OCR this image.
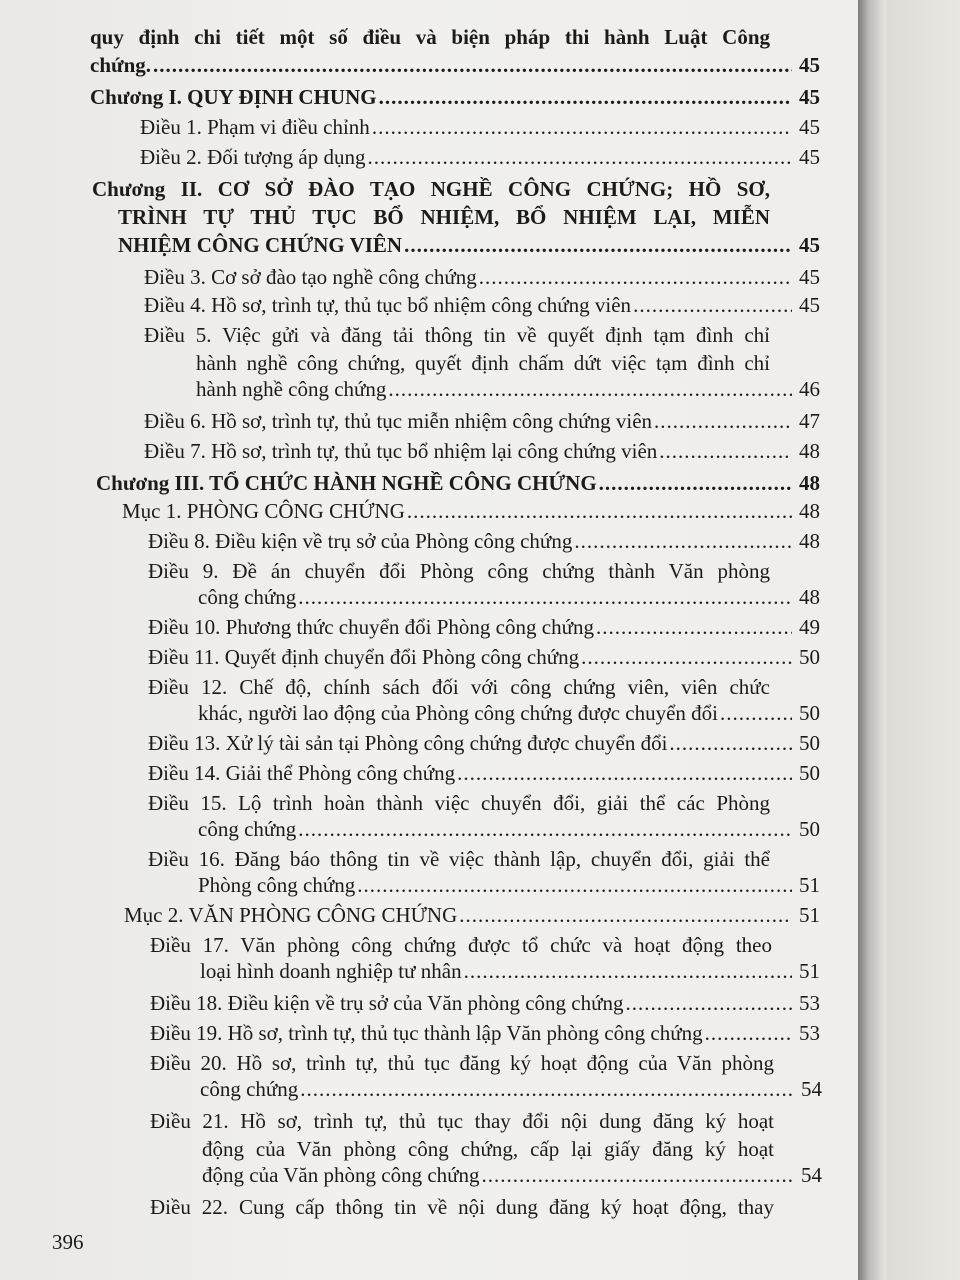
quy định chi tiết một số điều và biện pháp thi hành Luật Công
chứng. .....	45
Chương I. QUY ĐỊNH CHUNG .....	45
Điều 1. Phạm vi điều chỉnh .....	45
Điều 2. Đối tượng áp dụng .....	45
Chương II. CƠ SỞ ĐÀO TẠO NGHỀ CÔNG CHỨNG; HỒ SƠ,
TRÌNH TỰ THỦ TỤC BỔ NHIỆM, BỔ NHIỆM LẠI, MIỄN
NHIỆM CÔNG CHỨNG VIÊN .....	45
Điều 3. Cơ sở đào tạo nghề công chứng .....	45
Điều 4. Hồ sơ, trình tự, thủ tục bổ nhiệm công chứng viên .....	45
Điều 5. Việc gửi và đăng tải thông tin về quyết định tạm đình chỉ
hành nghề công chứng, quyết định chấm dứt việc tạm đình chỉ
hành nghề công chứng .....	46
Điều 6. Hồ sơ, trình tự, thủ tục miễn nhiệm công chứng viên .....	47
Điều 7. Hồ sơ, trình tự, thủ tục bổ nhiệm lại công chứng viên .....	48
Chương III. TỔ CHỨC HÀNH NGHỀ CÔNG CHỨNG .....	48
Mục 1. PHÒNG CÔNG CHỨNG .....	48
Điều 8. Điều kiện về trụ sở của Phòng công chứng .....	48
Điều 9. Đề án chuyển đổi Phòng công chứng thành Văn phòng
công chứng .....	48
Điều 10. Phương thức chuyển đổi Phòng công chứng .....	49
Điều 11. Quyết định chuyển đổi Phòng công chứng .....	50
Điều 12. Chế độ, chính sách đối với công chứng viên, viên chức
khác, người lao động của Phòng công chứng được chuyển đổi .....	50
Điều 13. Xử lý tài sản tại Phòng công chứng được chuyển đổi .....	50
Điều 14. Giải thể Phòng công chứng .....	50
Điều 15. Lộ trình hoàn thành việc chuyển đổi, giải thể các Phòng
công chứng .....	50
Điều 16. Đăng báo thông tin về việc thành lập, chuyển đổi, giải thể
Phòng công chứng .....	51
Mục 2. VĂN PHÒNG CÔNG CHỨNG .....	51
Điều 17. Văn phòng công chứng được tổ chức và hoạt động theo
loại hình doanh nghiệp tư nhân .....	51
Điều 18. Điều kiện về trụ sở của Văn phòng công chứng .....	53
Điều 19. Hồ sơ, trình tự, thủ tục thành lập Văn phòng công chứng .....	53
Điều 20. Hồ sơ, trình tự, thủ tục đăng ký hoạt động của Văn phòng
công chứng .....	54
Điều 21. Hồ sơ, trình tự, thủ tục thay đổi nội dung đăng ký hoạt
động của Văn phòng công chứng, cấp lại giấy đăng ký hoạt
động của Văn phòng công chứng .....	54
Điều 22. Cung cấp thông tin về nội dung đăng ký hoạt động, thay
396
